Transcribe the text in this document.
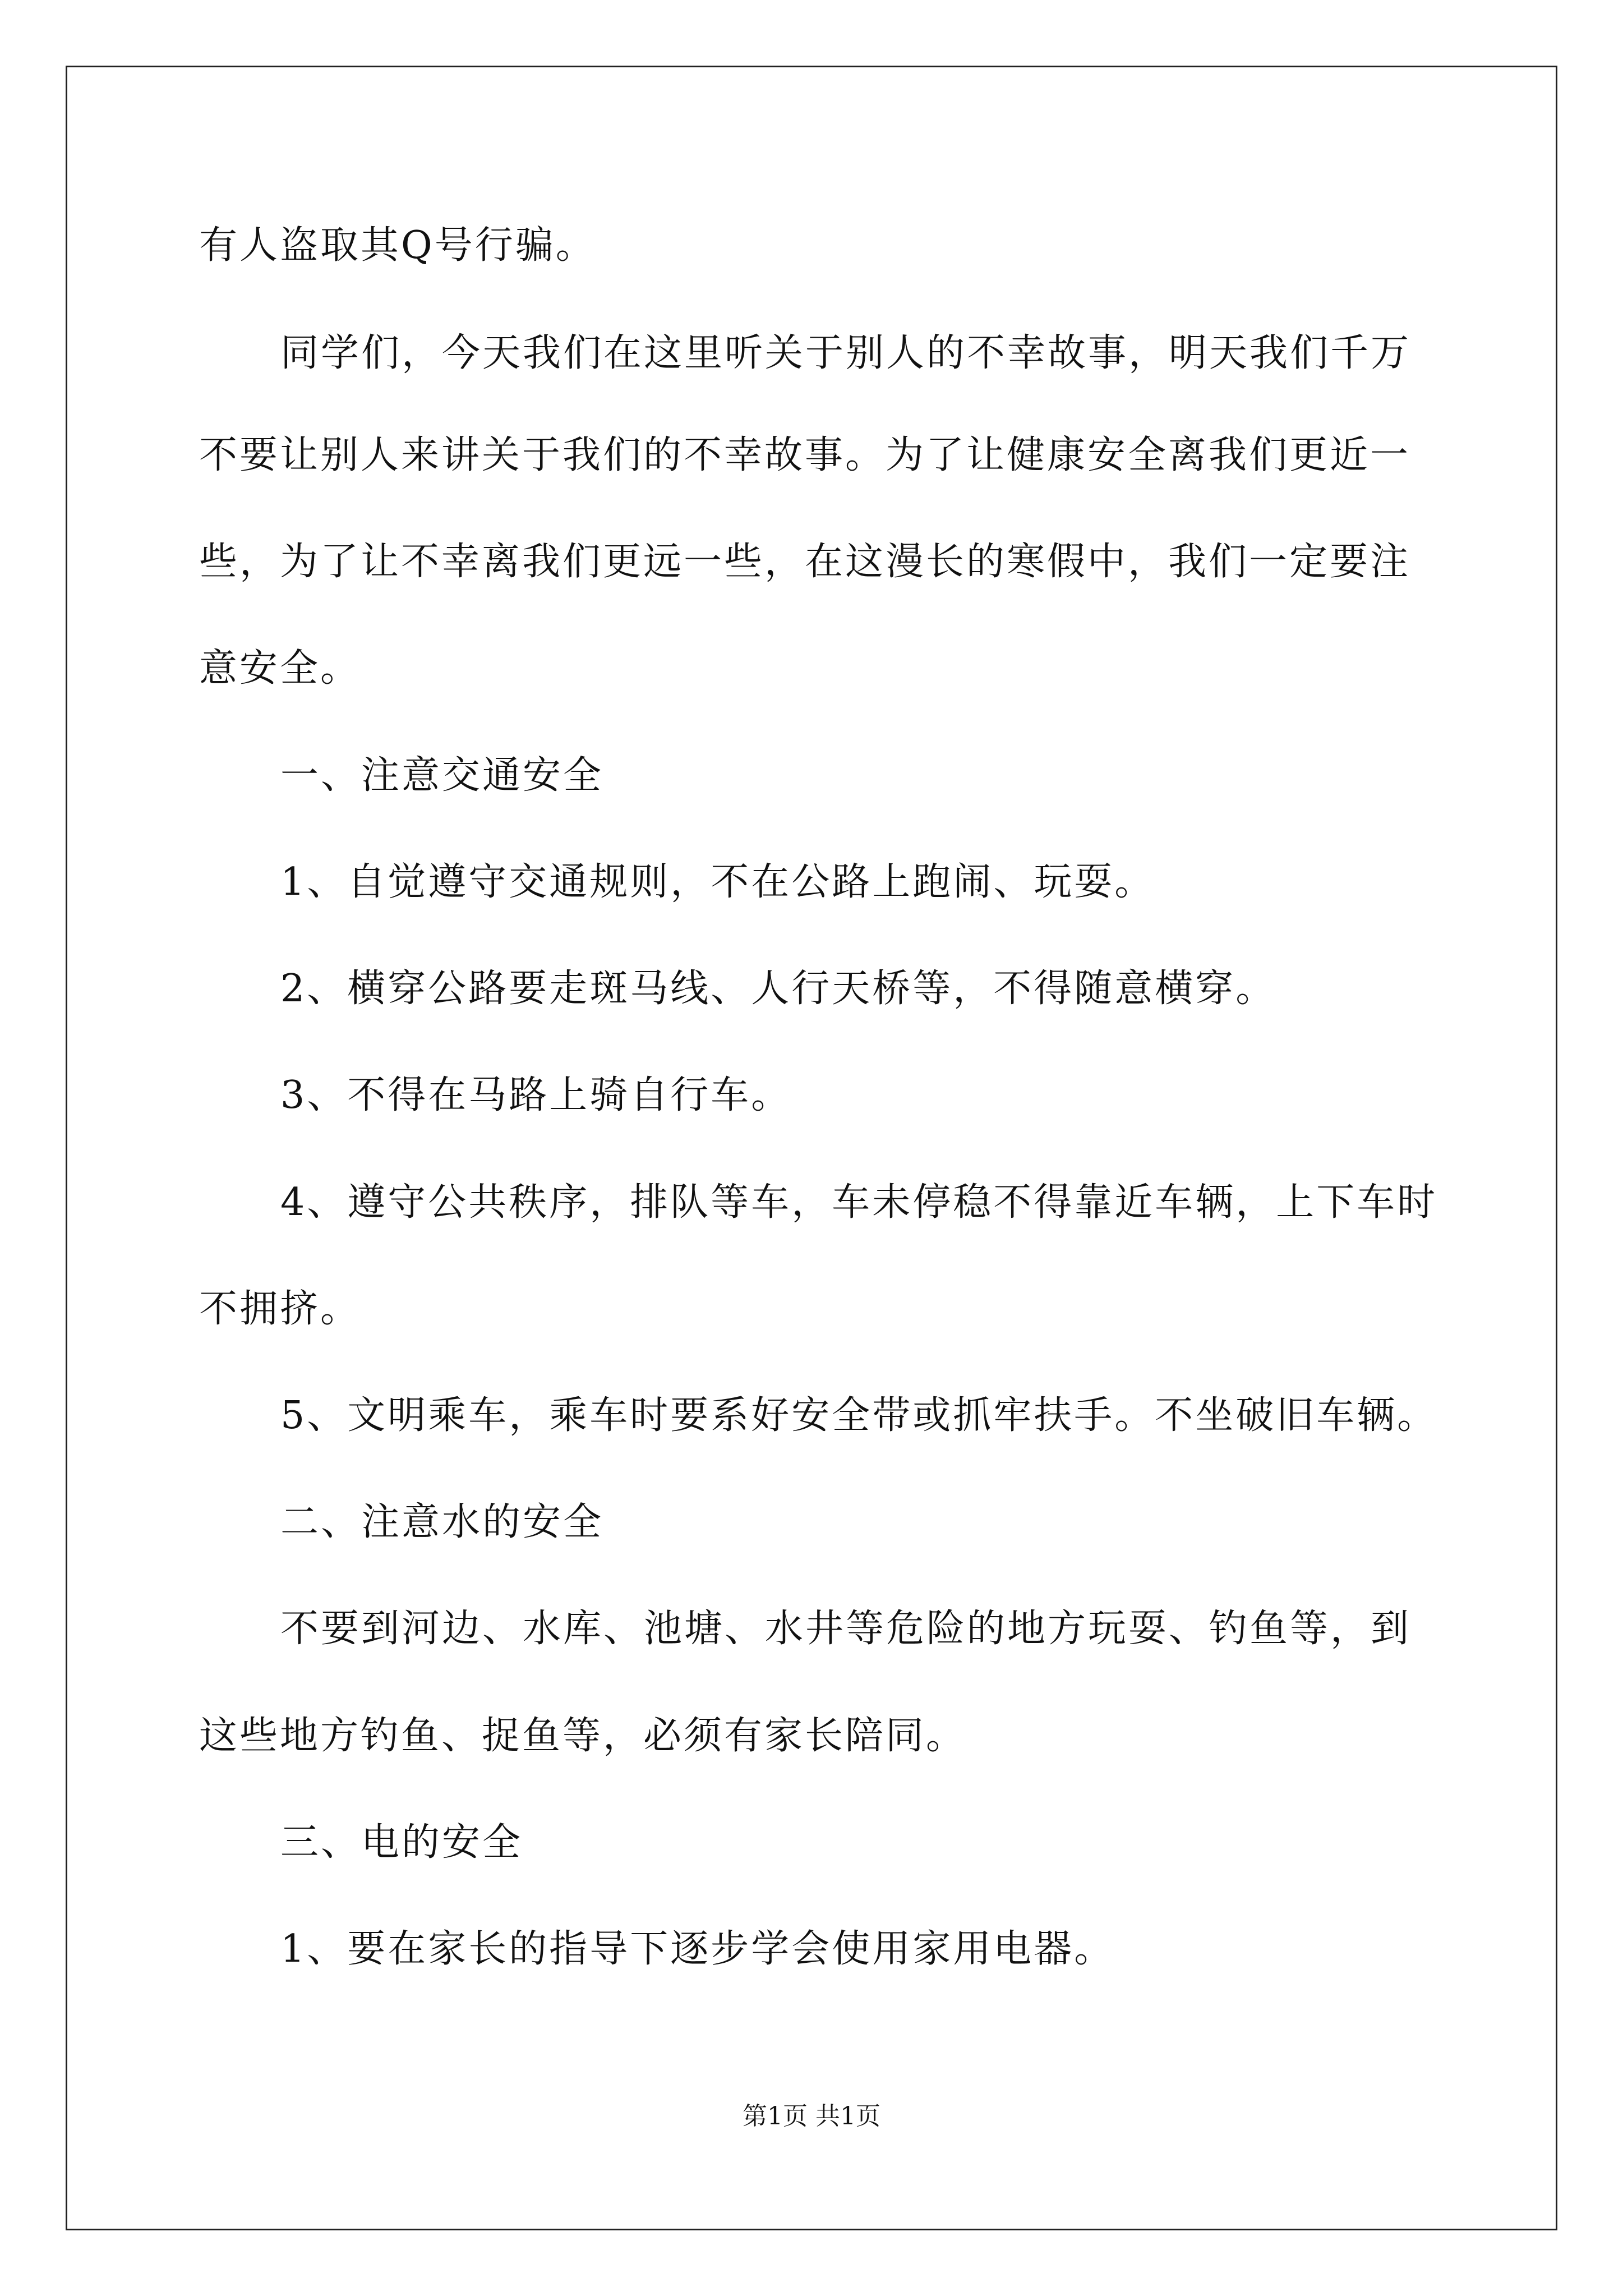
有人盗取其Q号行骗。
同学们，今天我们在这里听关于别人的不幸故事，明天我们千万
不要让别人来讲关于我们的不幸故事。为了让健康安全离我们更近一
些，为了让不幸离我们更远一些，在这漫长的寒假中，我们一定要注
意安全。
一、注意交通安全
1、自觉遵守交通规则，不在公路上跑闹、玩耍。
2、横穿公路要走斑马线、人行天桥等，不得随意横穿。
3、不得在马路上骑自行车。
4、遵守公共秩序，排队等车，车未停稳不得靠近车辆，上下车时
不拥挤。
5、文明乘车，乘车时要系好安全带或抓牢扶手。不坐破旧车辆。
二、注意水的安全
不要到河边、水库、池塘、水井等危险的地方玩耍、钓鱼等，到
这些地方钓鱼、捉鱼等，必须有家长陪同。
三、电的安全
1、要在家长的指导下逐步学会使用家用电器。
第1页 共1页
